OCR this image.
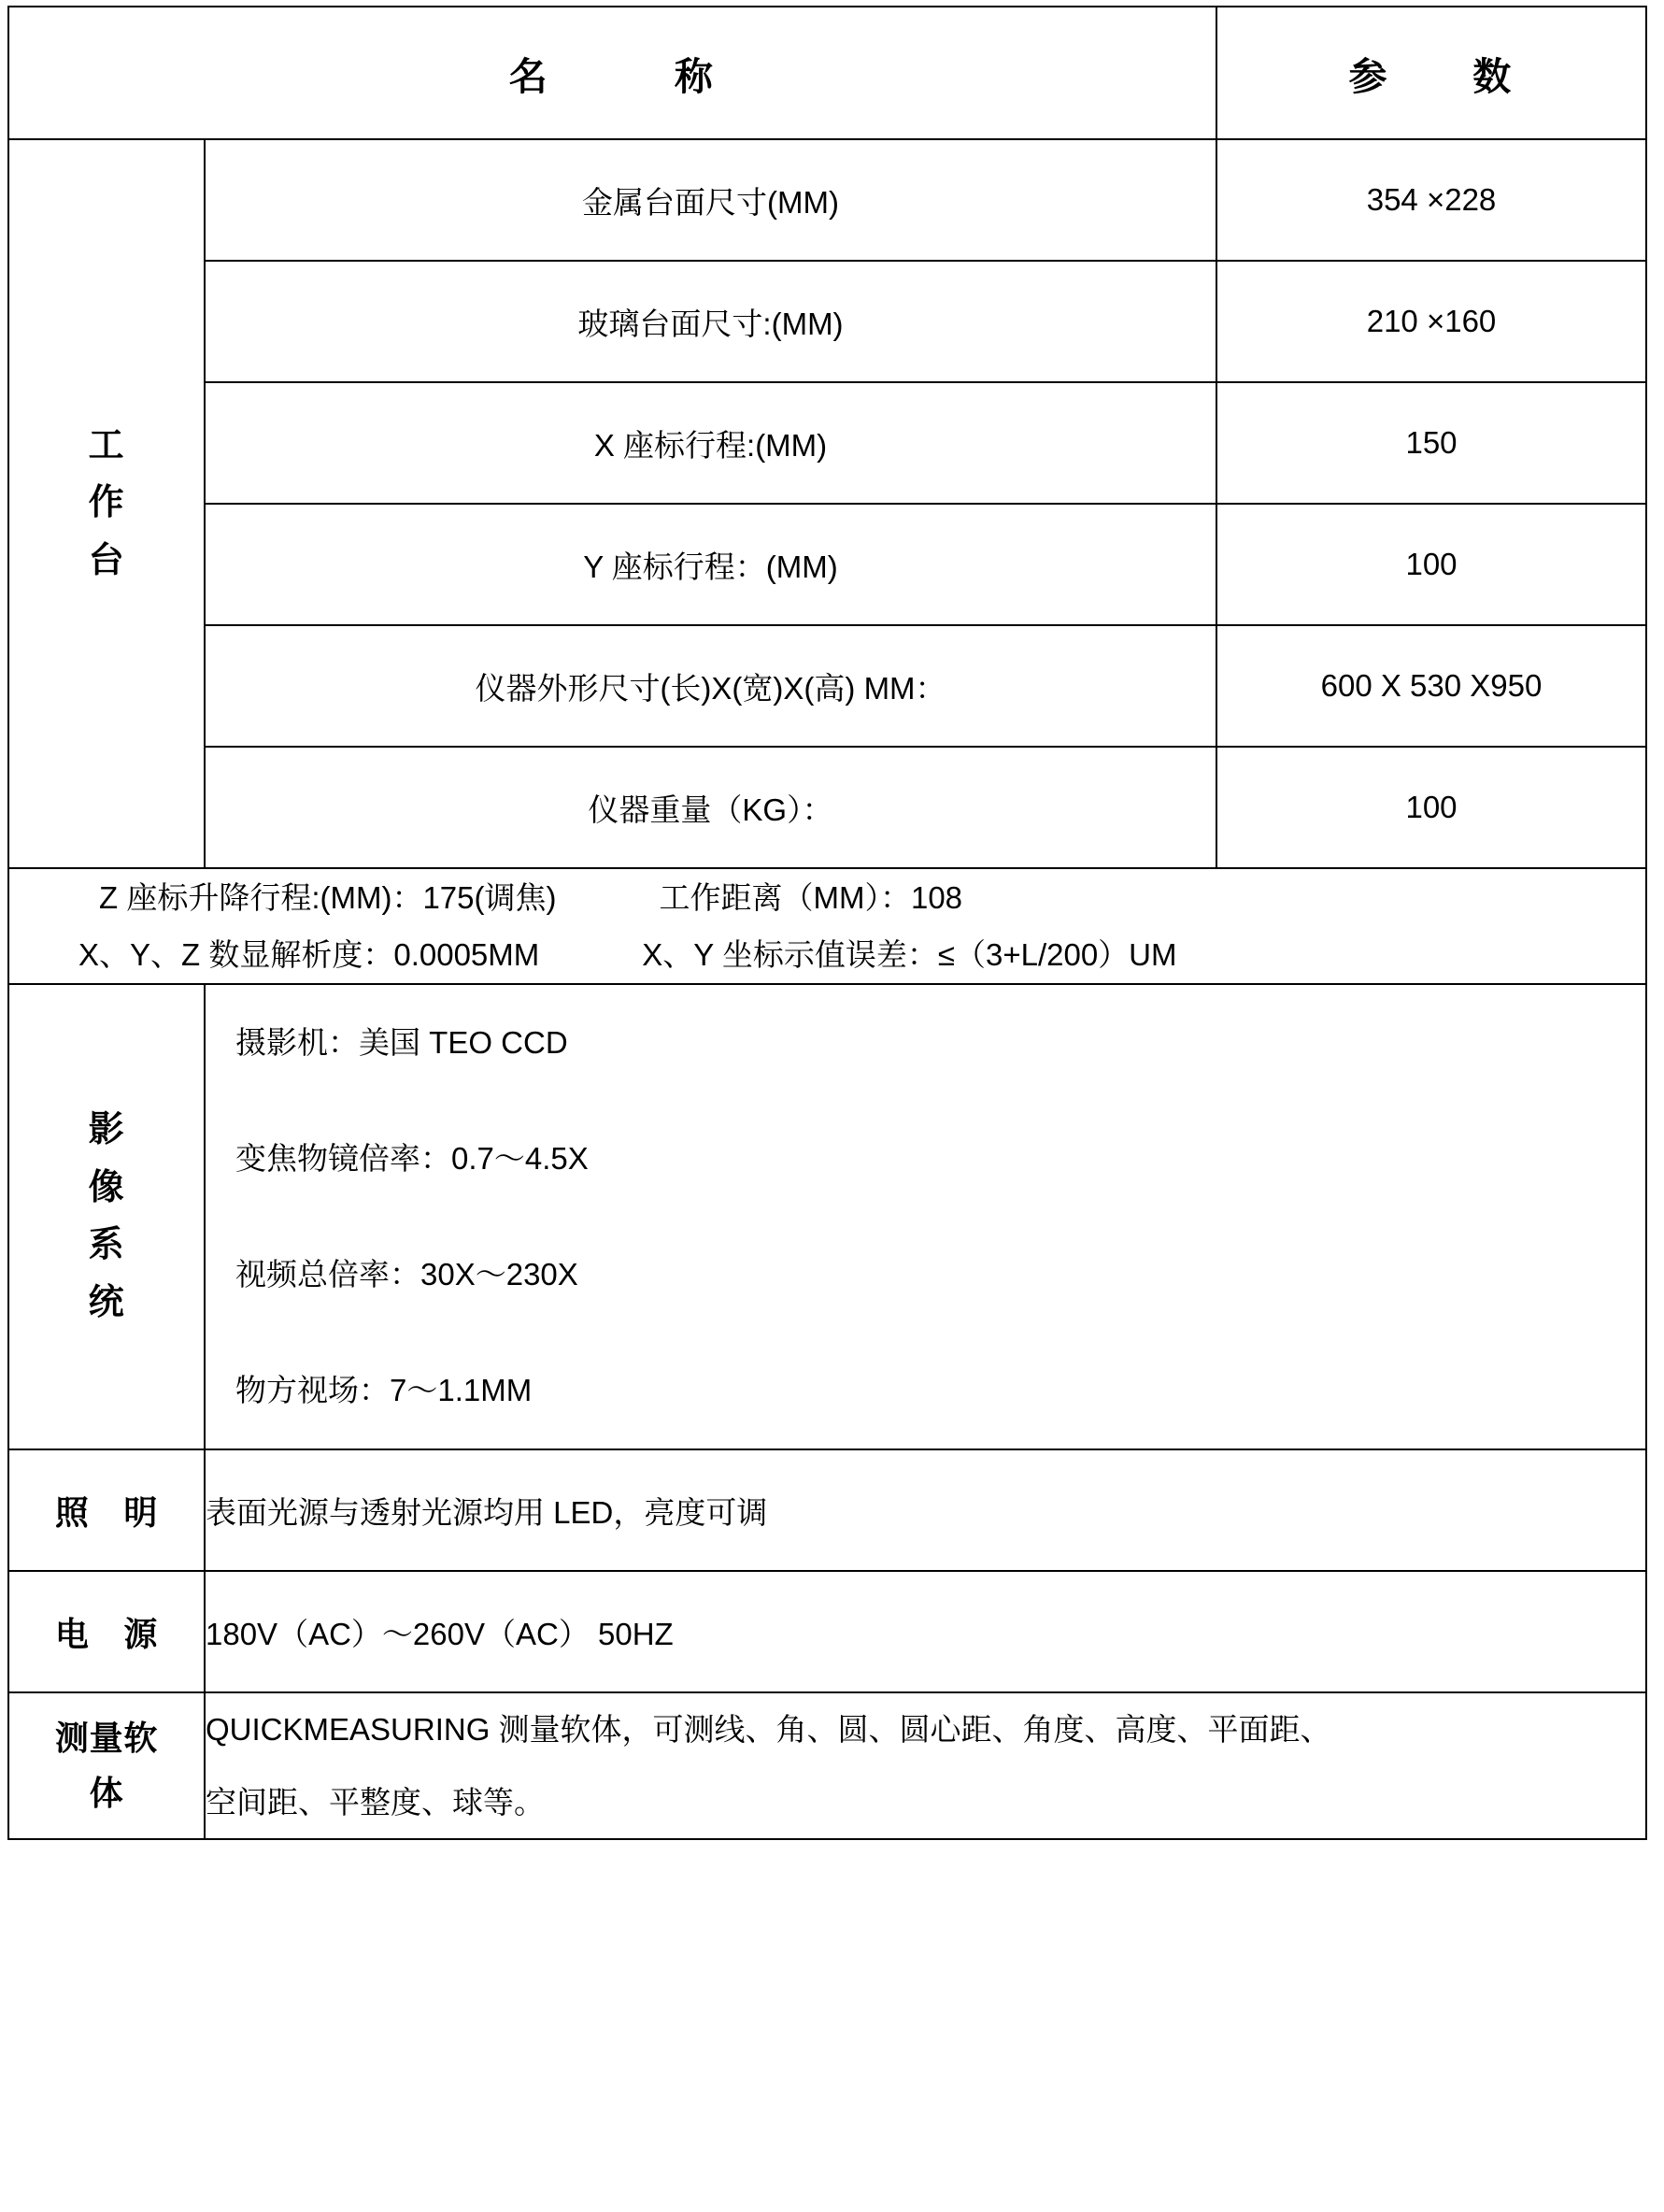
名　　　称		参　　数

工
作
台	金属台面尺寸(MM)	354 ×228
	玻璃台面尺寸:(MM)	210 ×160
	X 座标行程:(MM)	150
	Y 座标行程：(MM)	100
	仪器外形尺寸(长)X(宽)X(高) MM：	600 X 530 X950
	仪器重量（KG）：	100

Z 座标升降行程:(MM)：175(调焦) 工作距离（MM）：108
X、Y、Z 数显解析度：0.0005MM X、Y 坐标示值误差：≤（3+L/200）UM		

影
像
系
统	摄影机：美国 TEO CCD
变焦物镜倍率：0.7～4.5X
视频总倍率：30X～230X
物方视场：7～1.1MM	

照　明	表面光源与透射光源均用 LED，亮度可调	
电　源	180V（AC）～260V（AC） 50HZ	

测量软
体	QUICKMEASURING 测量软体，可测线、角、圆、圆心距、角度、高度、平面距、
空间距、平整度、球等。	
